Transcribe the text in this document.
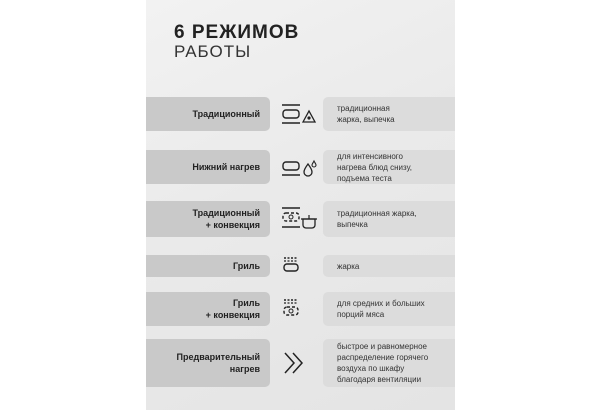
6 РЕЖИМОВ
РАБОТЫ
Традиционный
традиционная
жарка, выпечка
Нижний нагрев
для интенсивного
нагрева блюд снизу,
подъема теста
Традиционный
+ конвекция
традиционная жарка,
выпечка
Гриль	жарка
Гриль
+ конвекция
для средних и больших
порций мяса
Предварительный
нагрев
быстрое и равномерное
распределение горячего
воздуха по шкафу
благодаря вентиляции
